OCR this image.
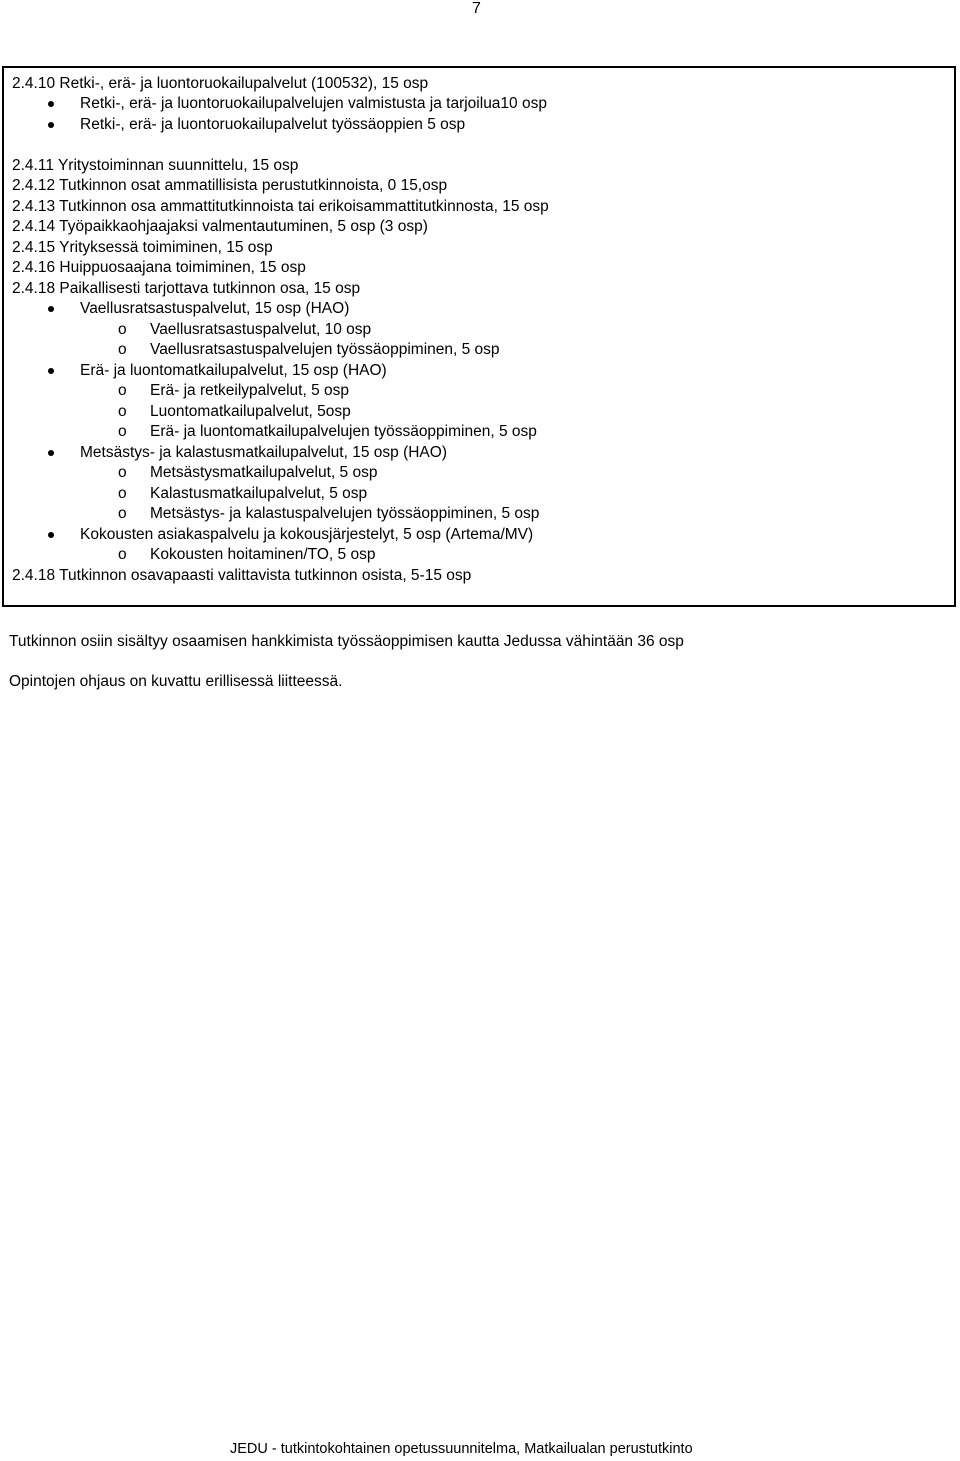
7
2.4.10 Retki-, erä- ja luontoruokailupalvelut (100532), 15 osp
Retki-, erä- ja luontoruokailupalvelujen valmistusta ja tarjoilua10 osp
Retki-, erä- ja luontoruokailupalvelut työssäoppien 5 osp
2.4.11 Yritystoiminnan suunnittelu, 15 osp
2.4.12 Tutkinnon osat ammatillisista perustutkinnoista, 0 15,osp
2.4.13 Tutkinnon osa ammattitutkinnoista tai erikoisammattitutkinnosta, 15 osp
2.4.14 Työpaikkaohjaajaksi valmentautuminen, 5 osp (3 osp)
2.4.15 Yrityksessä toimiminen, 15 osp
2.4.16 Huippuosaajana toimiminen, 15 osp
2.4.18 Paikallisesti tarjottava tutkinnon osa, 15 osp
Vaellusratsastuspalvelut, 15 osp (HAO)
o Vaellusratsastuspalvelut, 10 osp
o Vaellusratsastuspalvelujen työssäoppiminen, 5 osp
Erä- ja luontomatkailupalvelut, 15 osp (HAO)
o Erä- ja retkeilypalvelut, 5 osp
o Luontomatkailupalvelut, 5osp
o Erä- ja luontomatkailupalvelujen työssäoppiminen, 5 osp
Metsästys- ja kalastusmatkailupalvelut, 15 osp (HAO)
o Metsästysmatkailupalvelut, 5 osp
o Kalastusmatkailupalvelut, 5 osp
o Metsästys- ja kalastuspalvelujen työssäoppiminen, 5 osp
Kokousten asiakaspalvelu ja kokousjärjestelyt, 5 osp (Artema/MV)
o Kokousten hoitaminen/TO, 5 osp
2.4.18 Tutkinnon osavapaasti valittavista tutkinnon osista, 5-15 osp
Tutkinnon osiin sisältyy osaamisen hankkimista työssäoppimisen kautta Jedussa vähintään 36 osp
Opintojen ohjaus on kuvattu erillisessä liitteessä.
JEDU - tutkintokohtainen opetussuunnitelma, Matkailualan perustutkinto
